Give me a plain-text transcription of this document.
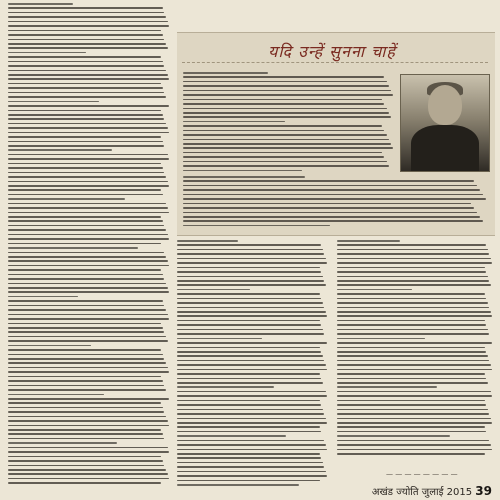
यदि उन्हें सुनना चाहें
— — — — — — — —
अखंड ज्योति जुलाई 2015 39
